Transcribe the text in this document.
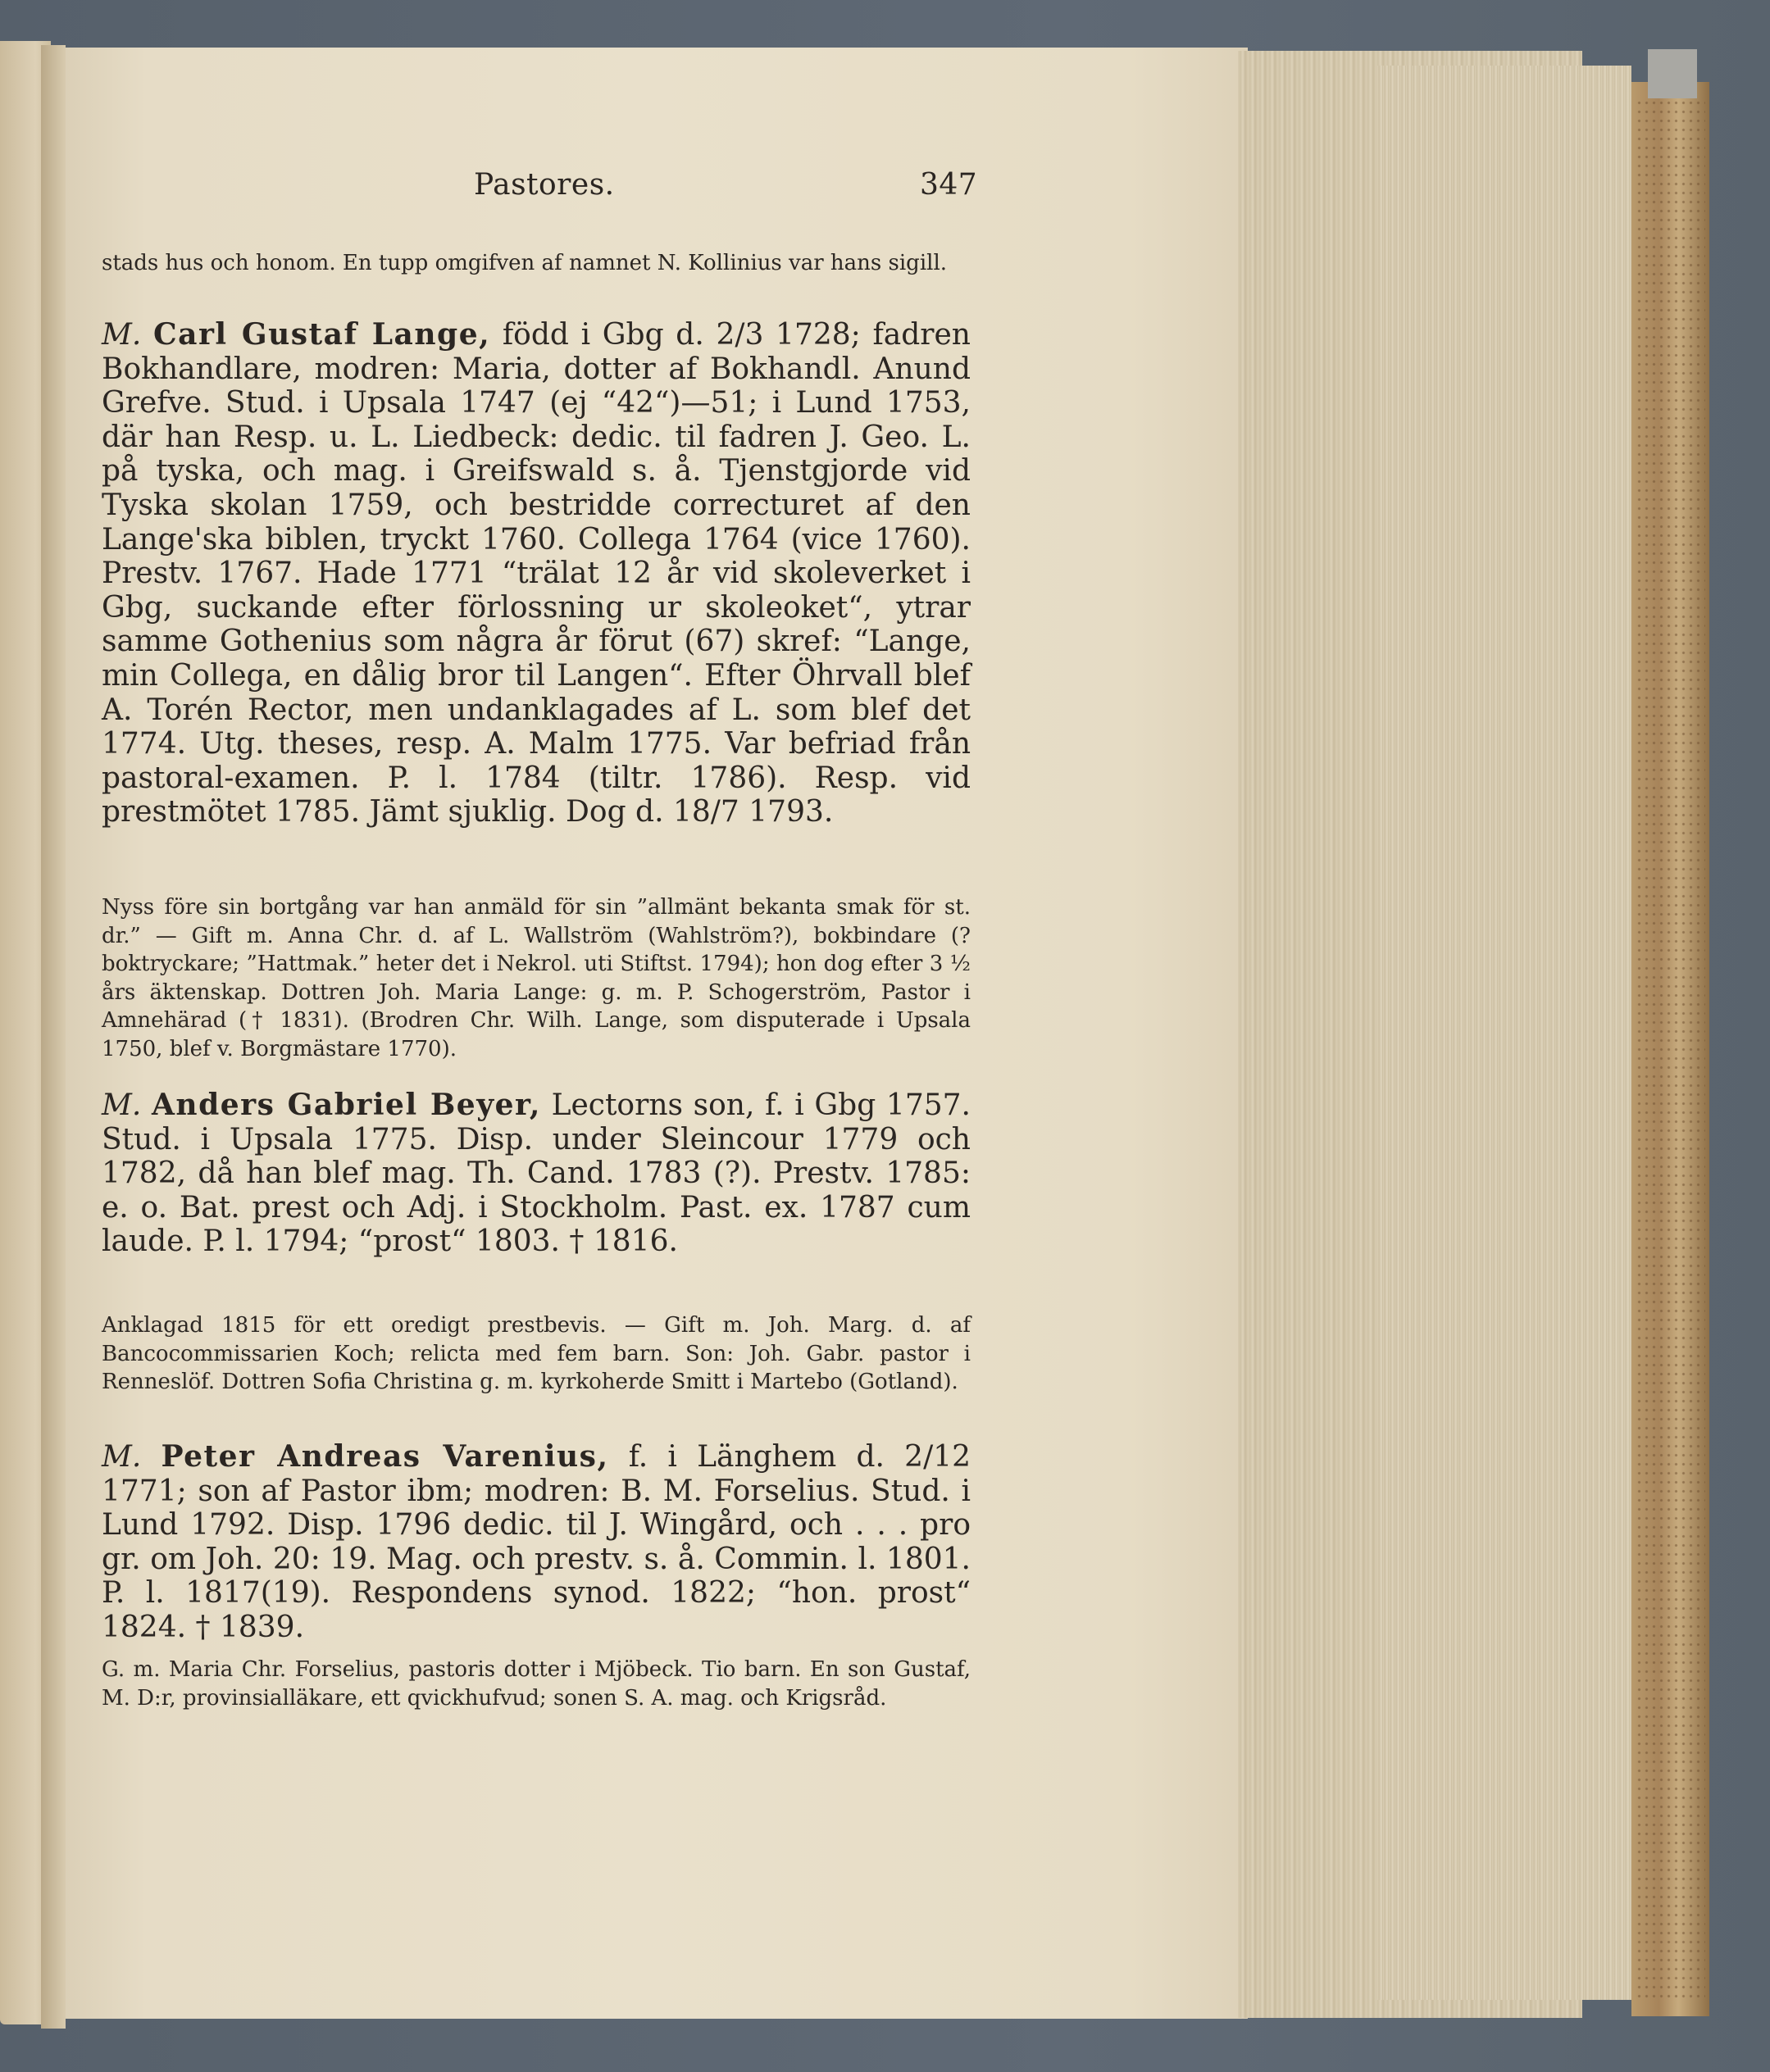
Pastores.	347

stads hus och honom. En tupp omgifven af namnet N. Kollinius var hans sigill.

M. Carl Gustaf Lange, född i Gbg d. 2/3 1728; fadren Bokhandlare, modren: Maria, dotter af Bokhandl. Anund Grefve. Stud. i Upsala 1747 (ej “42“)—51; i Lund 1753, där han Resp. u. L. Liedbeck: dedic. til fadren J. Geo. L. på tyska, och mag. i Greifswald s. å. Tjenstgjorde vid Tyska skolan 1759, och bestridde correcturet af den Lange'ska biblen, tryckt 1760. Collega 1764 (vice 1760). Prestv. 1767. Hade 1771 “trälat 12 år vid skoleverket i Gbg, suckande efter förlossning ur skoleoket“, ytrar samme Gothenius som några år förut (67) skref: “Lange, min Collega, en dålig bror til Langen“. Efter Öhrvall blef A. Torén Rector, men undanklagades af L. som blef det 1774. Utg. theses, resp. A. Malm 1775. Var befriad från pastoral-examen. P. l. 1784 (tiltr. 1786). Resp. vid prestmötet 1785. Jämt sjuklig. Dog d. 18/7 1793.

Nyss före sin bortgång var han anmäld för sin ”allmänt bekanta smak för st. dr.” — Gift m. Anna Chr. d. af L. Wallström (Wahlström?), bokbindare (?boktryckare; ”Hattmak.” heter det i Nekrol. uti Stiftst. 1794); hon dog efter 3 ½ års äktenskap. Dottren Joh. Maria Lange: g. m. P. Schogerström, Pastor i Amnehärad († 1831). (Brodren Chr. Wilh. Lange, som disputerade i Upsala 1750, blef v. Borgmästare 1770).

M. Anders Gabriel Beyer, Lectorns son, f. i Gbg 1757. Stud. i Upsala 1775. Disp. under Sleincour 1779 och 1782, då han blef mag. Th. Cand. 1783 (?). Prestv. 1785: e. o. Bat. prest och Adj. i Stockholm. Past. ex. 1787 cum laude. P. l. 1794; “prost“ 1803. † 1816.

Anklagad 1815 för ett oredigt prestbevis. — Gift m. Joh. Marg. d. af Bancocommissarien Koch; relicta med fem barn. Son: Joh. Gabr. pastor i Renneslöf. Dottren Sofia Christina g. m. kyrkoherde Smitt i Martebo (Gotland).

M. Peter Andreas Varenius, f. i Länghem d. 2/12 1771; son af Pastor ibm; modren: B. M. Forselius. Stud. i Lund 1792. Disp. 1796 dedic. til J. Wingård, och . . . pro gr. om Joh. 20: 19. Mag. och prestv. s. å. Commin. l. 1801. P. l. 1817(19). Respondens synod. 1822; “hon. prost“ 1824. † 1839.

G. m. Maria Chr. Forselius, pastoris dotter i Mjöbeck. Tio barn. En son Gustaf, M. D:r, provinsialläkare, ett qvickhufvud; sonen S. A. mag. och Krigsråd.
